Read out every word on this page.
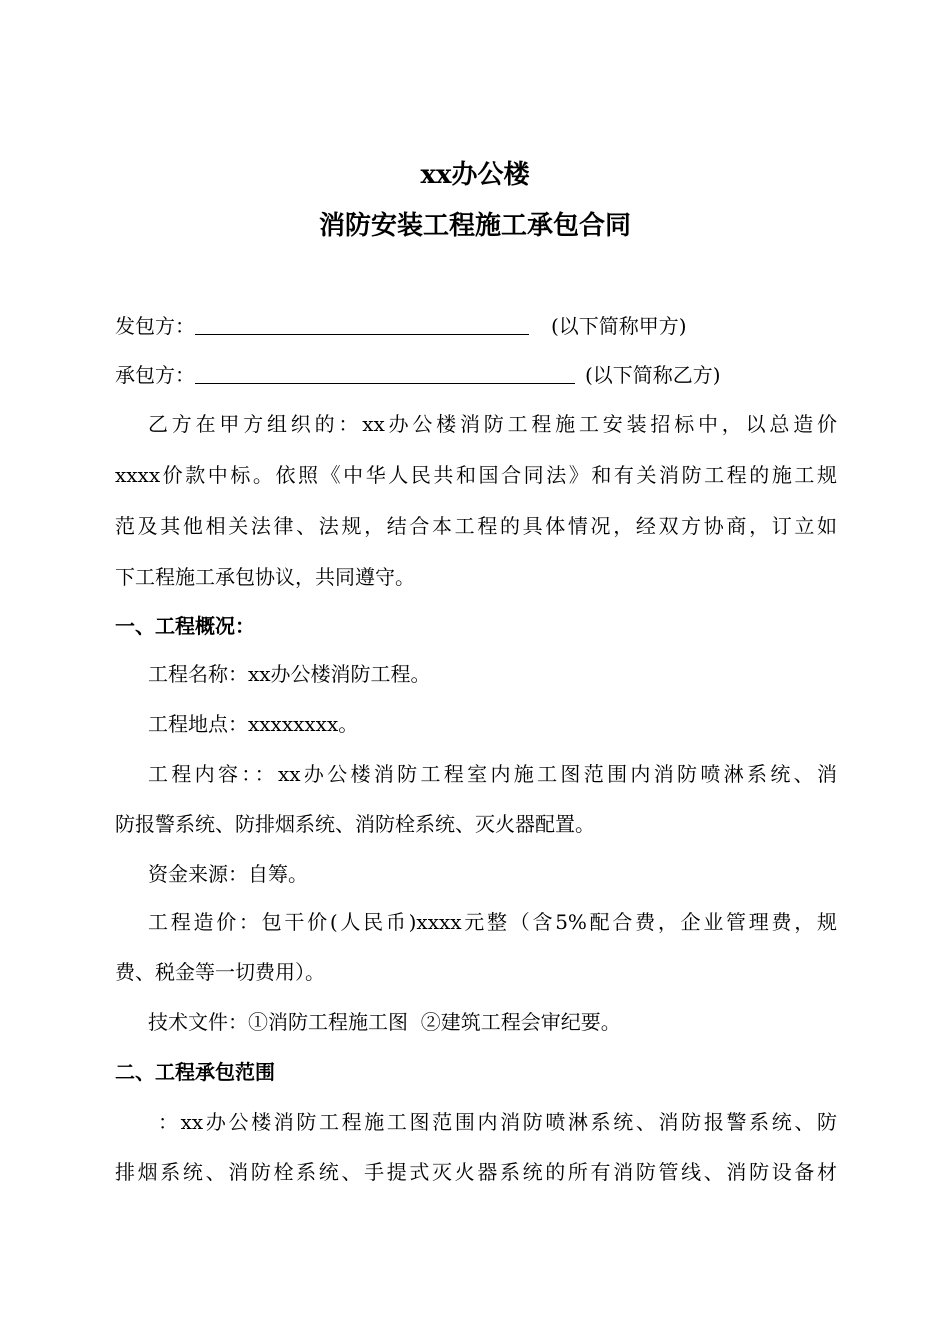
xx办公楼
消防安装工程施工承包合同
发包方：	(以下简称甲方)
承包方：	(以下简称乙方)
乙方在甲方组织的：xx办公楼消防工程施工安装招标中，以总造价
xxxx价款中标。依照《中华人民共和国合同法》和有关消防工程的施工规
范及其他相关法律、法规，结合本工程的具体情况，经双方协商，订立如
下工程施工承包协议，共同遵守。
一、工程概况：
工程名称：xx办公楼消防工程。
工程地点：xxxxxxxx。
工程内容：：xx办公楼消防工程室内施工图范围内消防喷淋系统、消
防报警系统、防排烟系统、消防栓系统、灭火器配置。
资金来源：自筹。
工程造价：包干价(人民币)xxxx元整（含5%配合费，企业管理费，规
费、税金等一切费用）。
技术文件：①消防工程施工图  ②建筑工程会审纪要。
二、工程承包范围
：xx办公楼消防工程施工图范围内消防喷淋系统、消防报警系统、防
排烟系统、消防栓系统、手提式灭火器系统的所有消防管线、消防设备材
